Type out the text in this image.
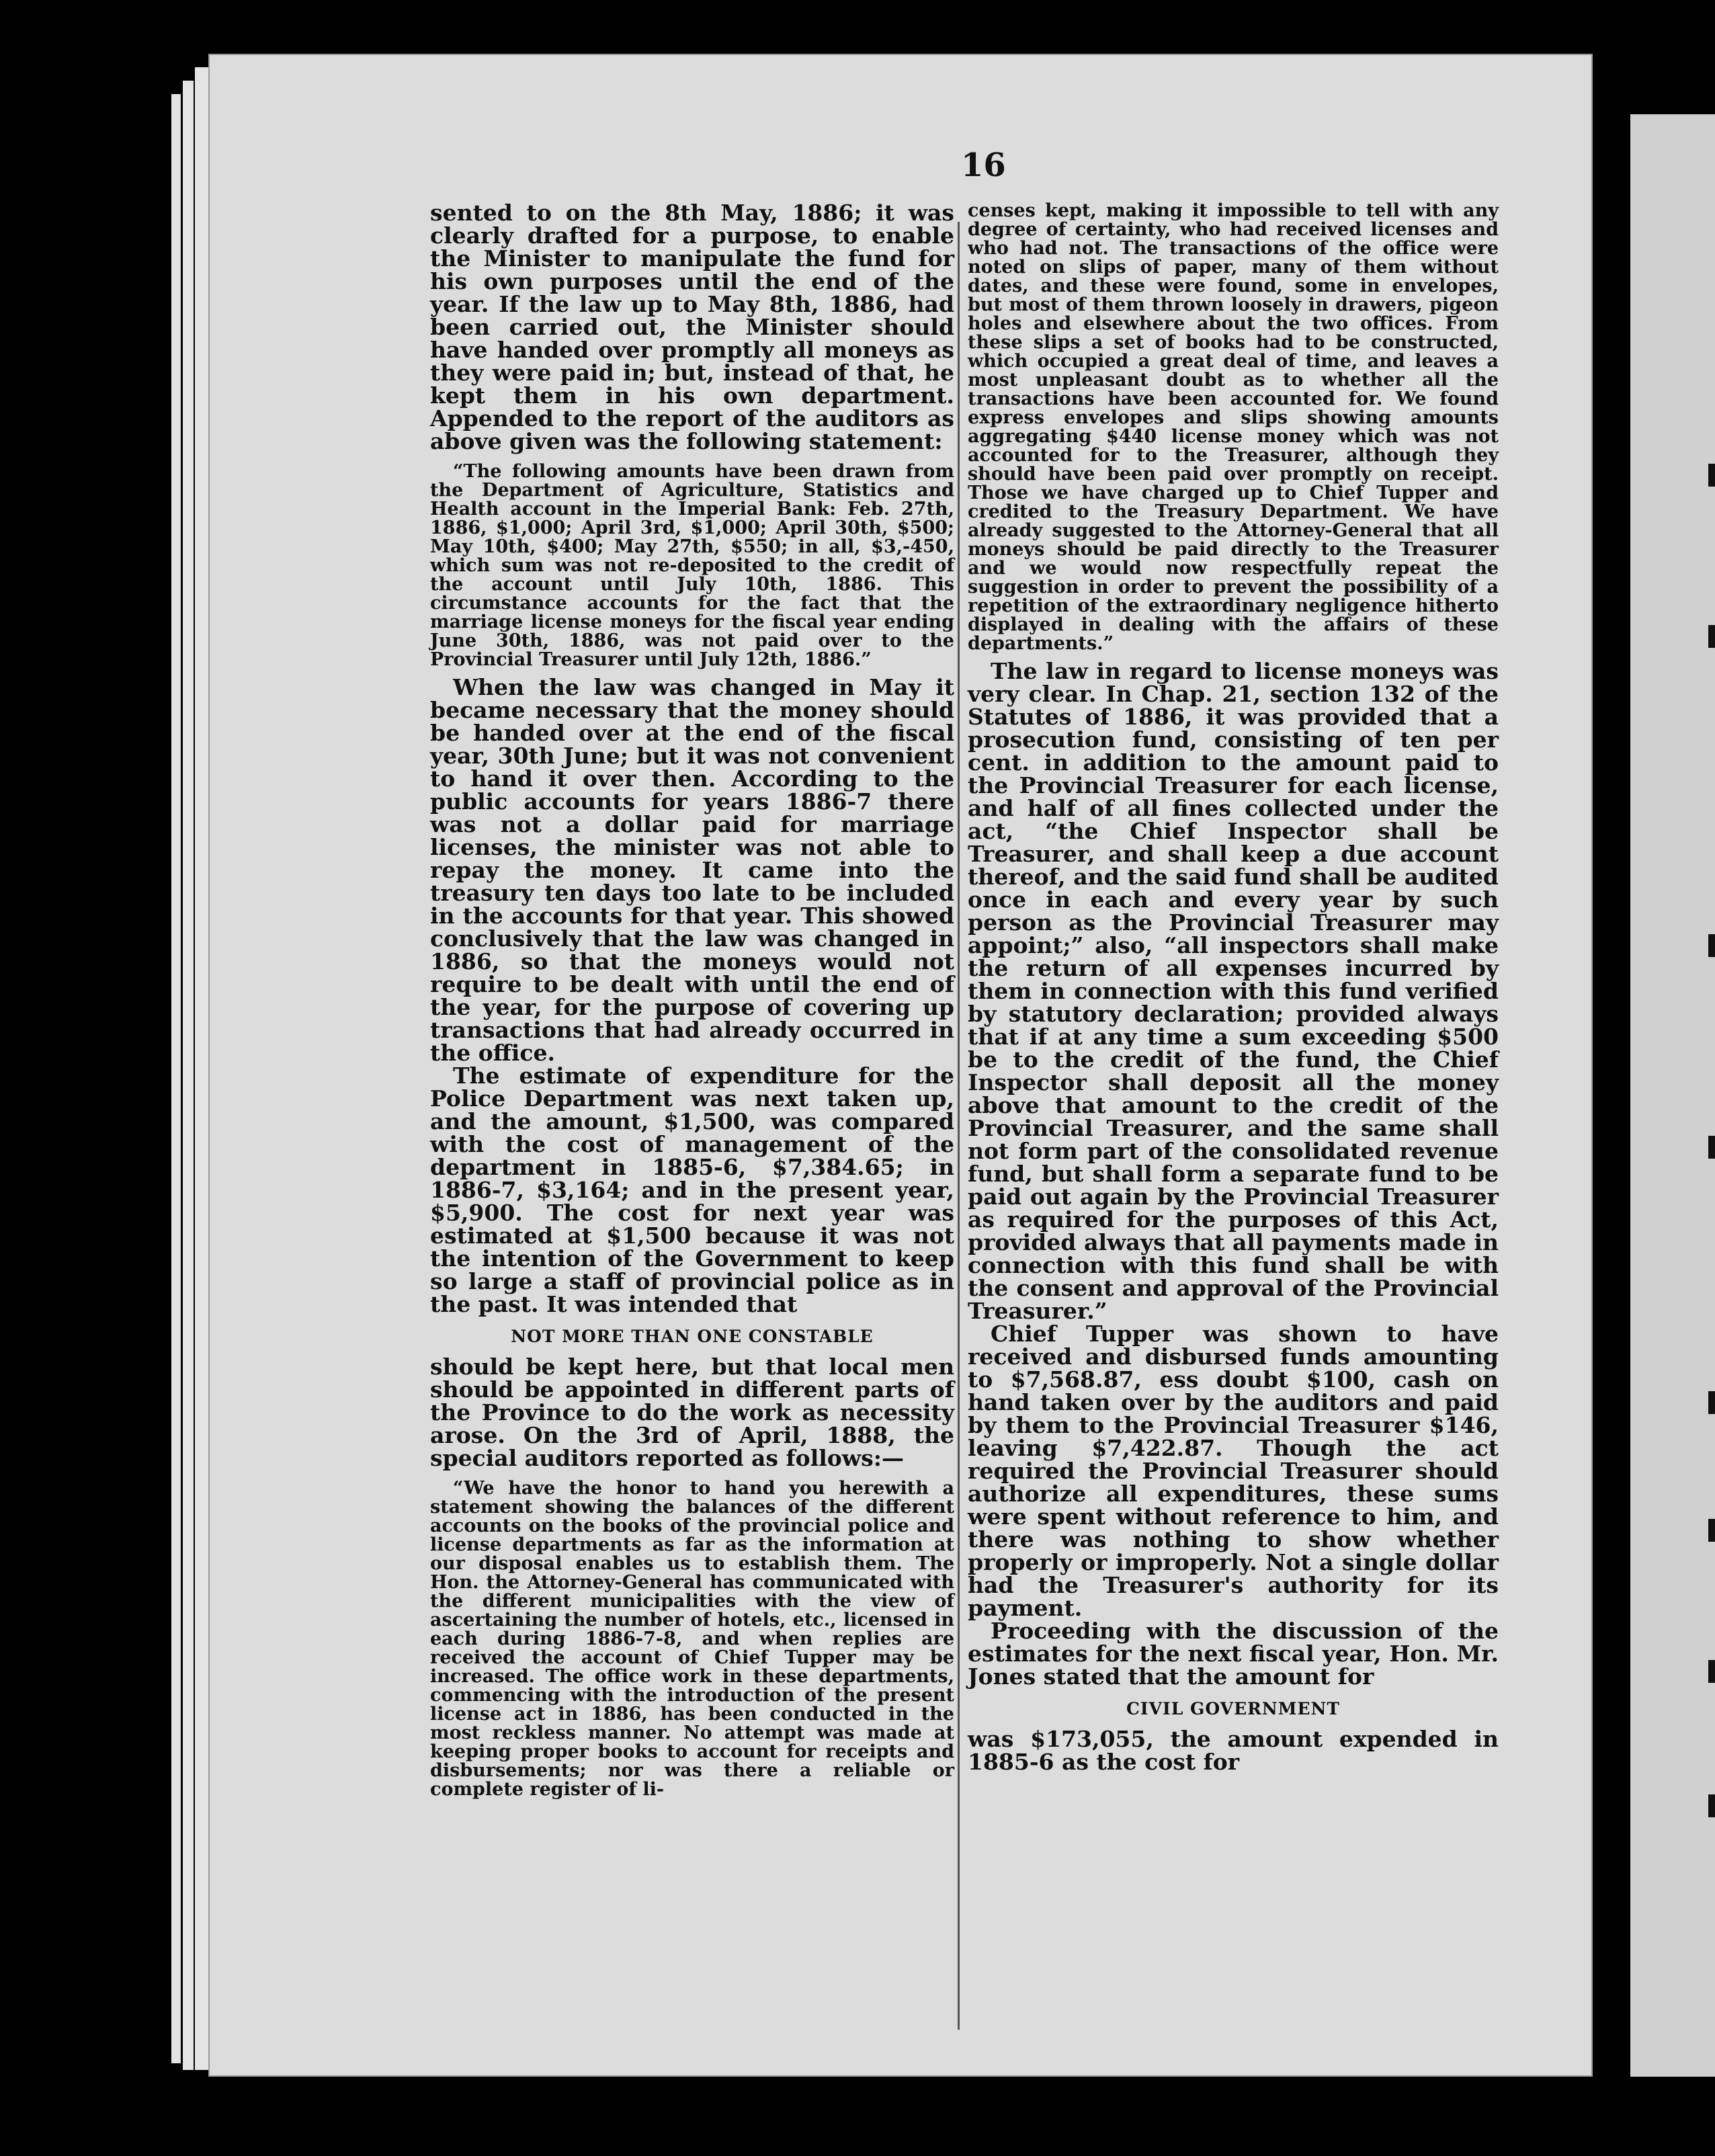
16

sented to on the 8th May, 1886; it was clearly drafted for a purpose, to enable the Minister to manipulate the fund for his own purposes until the end of the year. If the law up to May 8th, 1886, had been carried out, the Minister should have handed over promptly all moneys as they were paid in; but, instead of that, he kept them in his own department. Appended to the report of the auditors as above given was the following statement:

“The following amounts have been drawn from the Department of Agriculture, Statistics and Health account in the Imperial Bank: Feb. 27th, 1886, $1,000; April 3rd, $1,000; April 30th, $500; May 10th, $400; May 27th, $550; in all, $3,-450, which sum was not re-deposited to the credit of the account until July 10th, 1886. This circumstance accounts for the fact that the marriage license moneys for the fiscal year ending June 30th, 1886, was not paid over to the Provincial Treasurer until July 12th, 1886.”

When the law was changed in May it became necessary that the money should be handed over at the end of the fiscal year, 30th June; but it was not convenient to hand it over then. According to the public accounts for years 1886-7 there was not a dollar paid for marriage licenses, the minister was not able to repay the money. It came into the treasury ten days too late to be included in the accounts for that year. This showed conclusively that the law was changed in 1886, so that the moneys would not require to be dealt with until the end of the year, for the purpose of covering up transactions that had already occurred in the office.

The estimate of expenditure for the Police Department was next taken up, and the amount, $1,500, was compared with the cost of management of the department in 1885-6, $7,384.65; in 1886-7, $3,164; and in the present year, $5,900. The cost for next year was estimated at $1,500 because it was not the intention of the Government to keep so large a staff of provincial police as in the past. It was intended that

NOT MORE THAN ONE CONSTABLE

should be kept here, but that local men should be appointed in different parts of the Province to do the work as necessity arose. On the 3rd of April, 1888, the special auditors reported as follows:—

“We have the honor to hand you herewith a statement showing the balances of the different accounts on the books of the provincial police and license departments as far as the information at our disposal enables us to establish them. The Hon. the Attorney-General has communicated with the different municipalities with the view of ascertaining the number of hotels, etc., licensed in each during 1886-7-8, and when replies are received the account of Chief Tupper may be increased. The office work in these departments, commencing with the introduction of the present license act in 1886, has been conducted in the most reckless manner. No attempt was made at keeping proper books to account for receipts and disbursements; nor was there a reliable or complete register of li-

censes kept, making it impossible to tell with any degree of certainty, who had received licenses and who had not. The transactions of the office were noted on slips of paper, many of them without dates, and these were found, some in envelopes, but most of them thrown loosely in drawers, pigeon holes and elsewhere about the two offices. From these slips a set of books had to be constructed, which occupied a great deal of time, and leaves a most unpleasant doubt as to whether all the transactions have been accounted for. We found express envelopes and slips showing amounts aggregating $440 license money which was not accounted for to the Treasurer, although they should have been paid over promptly on receipt. Those we have charged up to Chief Tupper and credited to the Treasury Department. We have already suggested to the Attorney-General that all moneys should be paid directly to the Treasurer and we would now respectfully repeat the suggestion in order to prevent the possibility of a repetition of the extraordinary negligence hitherto displayed in dealing with the affairs of these departments.”

The law in regard to license moneys was very clear. In Chap. 21, section 132 of the Statutes of 1886, it was provided that a prosecution fund, consisting of ten per cent. in addition to the amount paid to the Provincial Treasurer for each license, and half of all fines collected under the act, “the Chief Inspector shall be Treasurer, and shall keep a due account thereof, and the said fund shall be audited once in each and every year by such person as the Provincial Treasurer may appoint;” also, “all inspectors shall make the return of all expenses incurred by them in connection with this fund verified by statutory declaration; provided always that if at any time a sum exceeding $500 be to the credit of the fund, the Chief Inspector shall deposit all the money above that amount to the credit of the Provincial Treasurer, and the same shall not form part of the consolidated revenue fund, but shall form a separate fund to be paid out again by the Provincial Treasurer as required for the purposes of this Act, provided always that all payments made in connection with this fund shall be with the consent and approval of the Provincial Treasurer.”

Chief Tupper was shown to have received and disbursed funds amounting to $7,568.87, ess doubt $100, cash on hand taken over by the auditors and paid by them to the Provincial Treasurer $146, leaving $7,422.87. Though the act required the Provincial Treasurer should authorize all expenditures, these sums were spent without reference to him, and there was nothing to show whether properly or improperly. Not a single dollar had the Treasurer's authority for its payment.

Proceeding with the discussion of the estimates for the next fiscal year, Hon. Mr. Jones stated that the amount for

CIVIL GOVERNMENT

was $173,055, the amount expended in 1885-6 as the cost for
